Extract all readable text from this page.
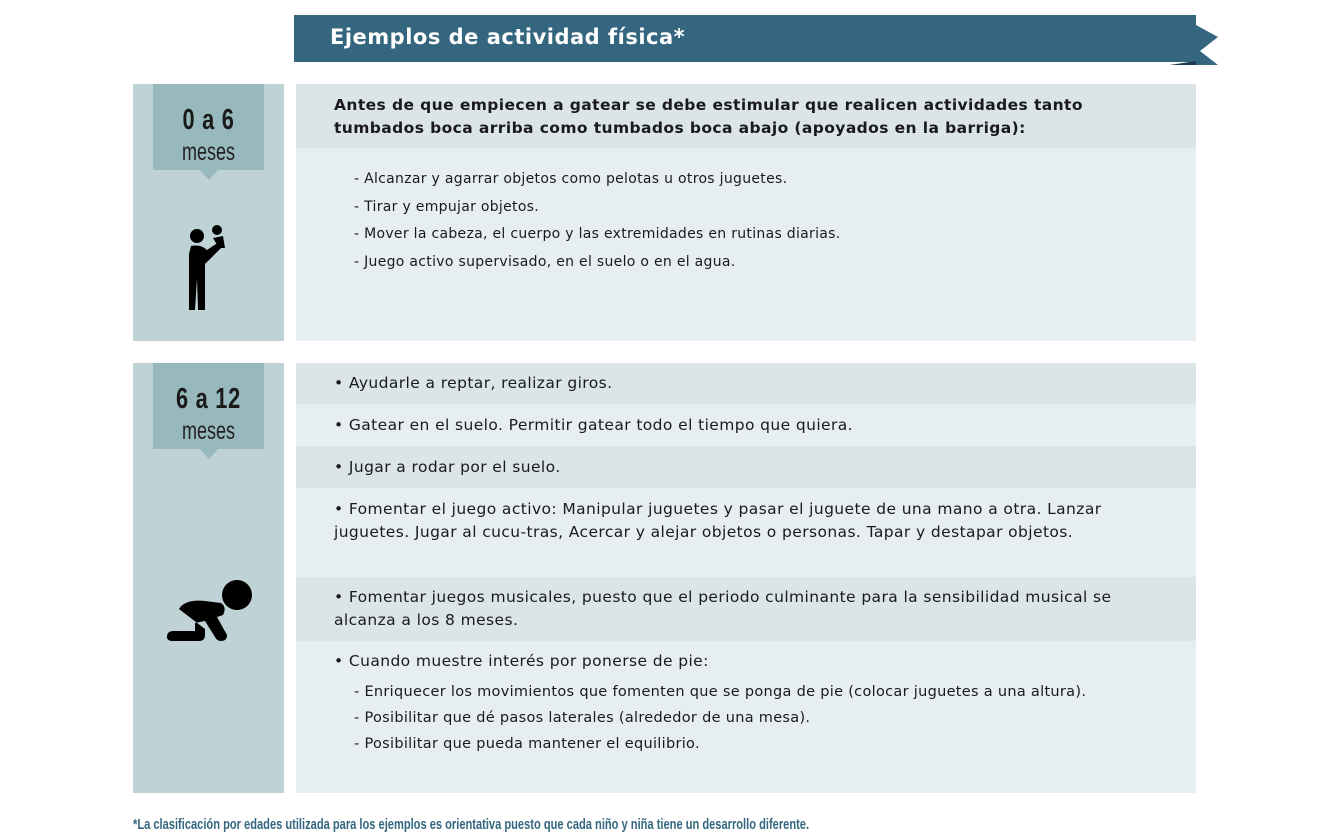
Ejemplos de actividad física*
0 a 6
meses
Antes de que empiecen a gatear se debe estimular que realicen actividades tanto tumbados boca arriba como tumbados boca abajo (apoyados en la barriga):
- Alcanzar y agarrar objetos como pelotas u otros juguetes.
- Tirar y empujar objetos.
- Mover la cabeza, el cuerpo y las extremidades en rutinas diarias.
- Juego activo supervisado, en el suelo o en el agua.
6 a 12
meses
• Ayudarle a reptar, realizar giros.
• Gatear en el suelo. Permitir gatear todo el tiempo que quiera.
• Jugar a rodar por el suelo.
• Fomentar el juego activo: Manipular juguetes y pasar el juguete de una mano a otra. Lanzar juguetes. Jugar al cucu-tras, Acercar y alejar objetos o personas. Tapar y destapar objetos.
• Fomentar juegos musicales, puesto que el periodo culminante para la sensibilidad musical se alcanza a los 8 meses.
• Cuando muestre interés por ponerse de pie:
- Enriquecer los movimientos que fomenten que se ponga de pie (colocar juguetes a una altura).
- Posibilitar que dé pasos laterales (alrededor de una mesa).
- Posibilitar que pueda mantener el equilibrio.
*La clasificación por edades utilizada para los ejemplos es orientativa puesto que cada niño y niña tiene un desarrollo diferente.
